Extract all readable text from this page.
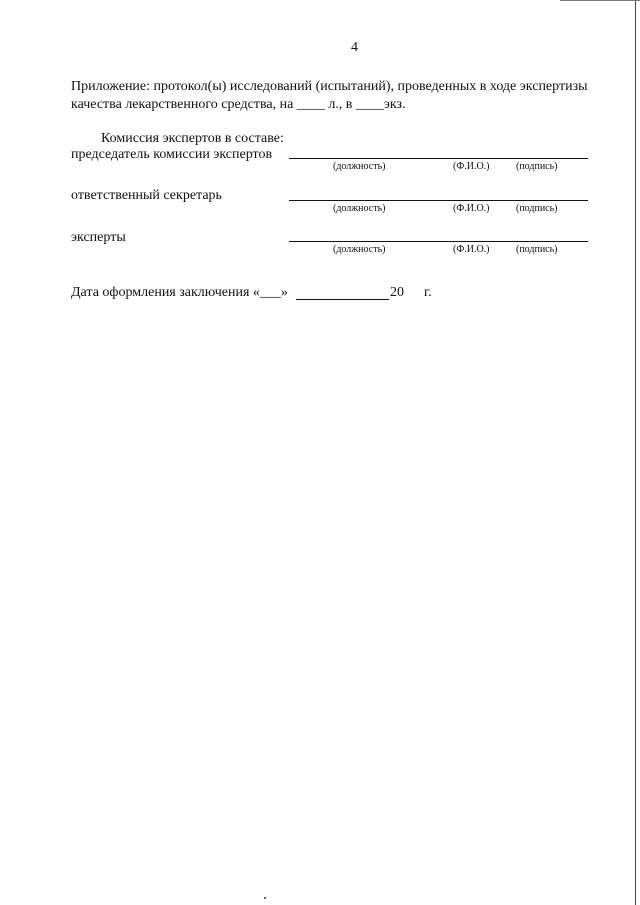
4
Приложение: протокол(ы) исследований (испытаний), проведенных в ходе экспертизы
качества лекарственного средства, на ____ л., в ____экз.
Комиссия экспертов в составе:
председатель комиссии экспертов
(должность)	(Ф.И.О.)	(подпись)
ответственный секретарь
(должность)	(Ф.И.О.)	(подпись)
эксперты
(должность)	(Ф.И.О.)	(подпись)
Дата оформления заключения «___»	20 г.
